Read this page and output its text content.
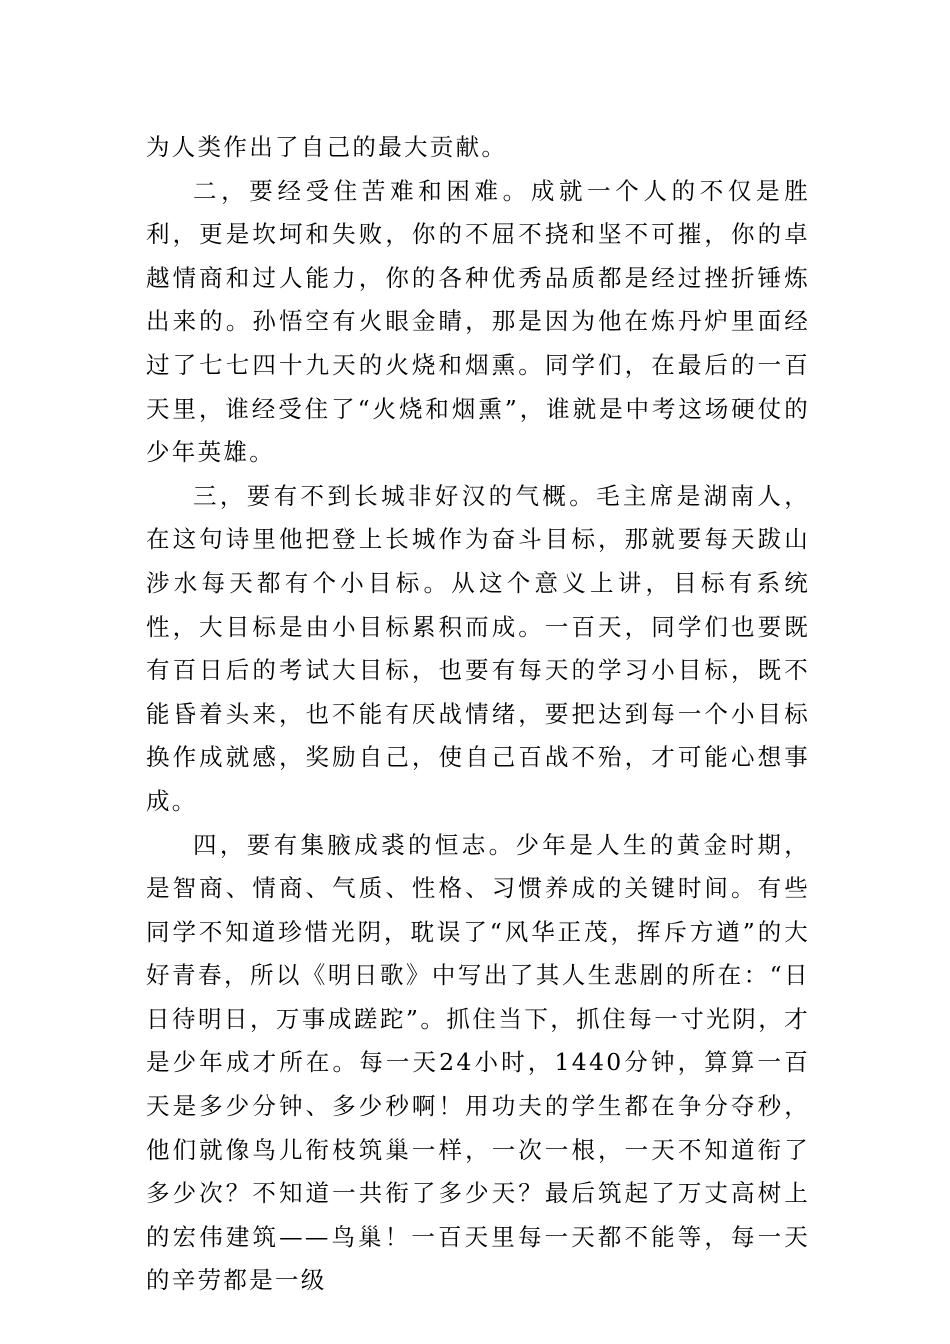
为人类作出了自己的最大贡献。

二，要经受住苦难和困难。成就一个人的不仅是胜利，更是坎坷和失败，你的不屈不挠和坚不可摧，你的卓越情商和过人能力，你的各种优秀品质都是经过挫折锤炼出来的。孙悟空有火眼金睛，那是因为他在炼丹炉里面经过了七七四十九天的火烧和烟熏。同学们，在最后的一百天里，谁经受住了“火烧和烟熏”，谁就是中考这场硬仗的少年英雄。

三，要有不到长城非好汉的气概。毛主席是湖南人，在这句诗里他把登上长城作为奋斗目标，那就要每天跋山涉水每天都有个小目标。从这个意义上讲，目标有系统性，大目标是由小目标累积而成。一百天，同学们也要既有百日后的考试大目标，也要有每天的学习小目标，既不能昏着头来，也不能有厌战情绪，要把达到每一个小目标换作成就感，奖励自己，使自己百战不殆，才可能心想事成。

四，要有集腋成裘的恒志。少年是人生的黄金时期，是智商、情商、气质、性格、习惯养成的关键时间。有些同学不知道珍惜光阴，耽误了“风华正茂，挥斥方遒”的大好青春，所以《明日歌》中写出了其人生悲剧的所在：“日日待明日，万事成蹉跎”。抓住当下，抓住每一寸光阴，才是少年成才所在。每一天24小时，1440分钟，算算一百天是多少分钟、多少秒啊！用功夫的学生都在争分夺秒，他们就像鸟儿衔枝筑巢一样，一次一根，一天不知道衔了多少次？不知道一共衔了多少天？最后筑起了万丈高树上的宏伟建筑——鸟巢！一百天里每一天都不能等，每一天的辛劳都是一级
